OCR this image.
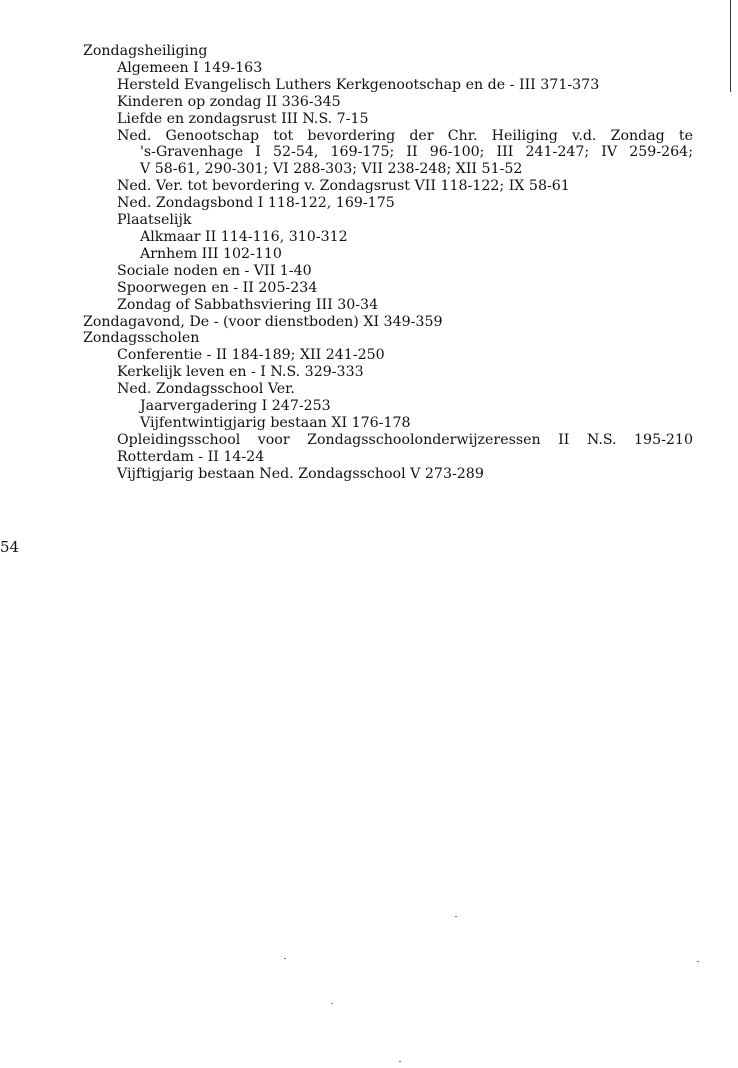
Zondagsheiliging
Algemeen I 149-163
Hersteld Evangelisch Luthers Kerkgenootschap en de - III 371-373
Kinderen op zondag II 336-345
Liefde en zondagsrust III N.S. 7-15
Ned. Genootschap tot bevordering der Chr. Heiliging v.d. Zondag te
's-Gravenhage I 52-54, 169-175; II 96-100; III 241-247; IV 259-264;
V 58-61, 290-301; VI 288-303; VII 238-248; XII 51-52
Ned. Ver. tot bevordering v. Zondagsrust VII 118-122; IX 58-61
Ned. Zondagsbond I 118-122, 169-175
Plaatselijk
Alkmaar II 114-116, 310-312
Arnhem III 102-110
Sociale noden en - VII 1-40
Spoorwegen en - II 205-234
Zondag of Sabbathsviering III 30-34
Zondagavond, De - (voor dienstboden) XI 349-359
Zondagsscholen
Conferentie - II 184-189; XII 241-250
Kerkelijk leven en - I N.S. 329-333
Ned. Zondagsschool Ver.
Jaarvergadering I 247-253
Vijfentwintigjarig bestaan XI 176-178
Opleidingsschool voor Zondagsschoolonderwijzeressen II N.S. 195-210
Rotterdam - II 14-24
Vijftigjarig bestaan Ned. Zondagsschool V 273-289
54
